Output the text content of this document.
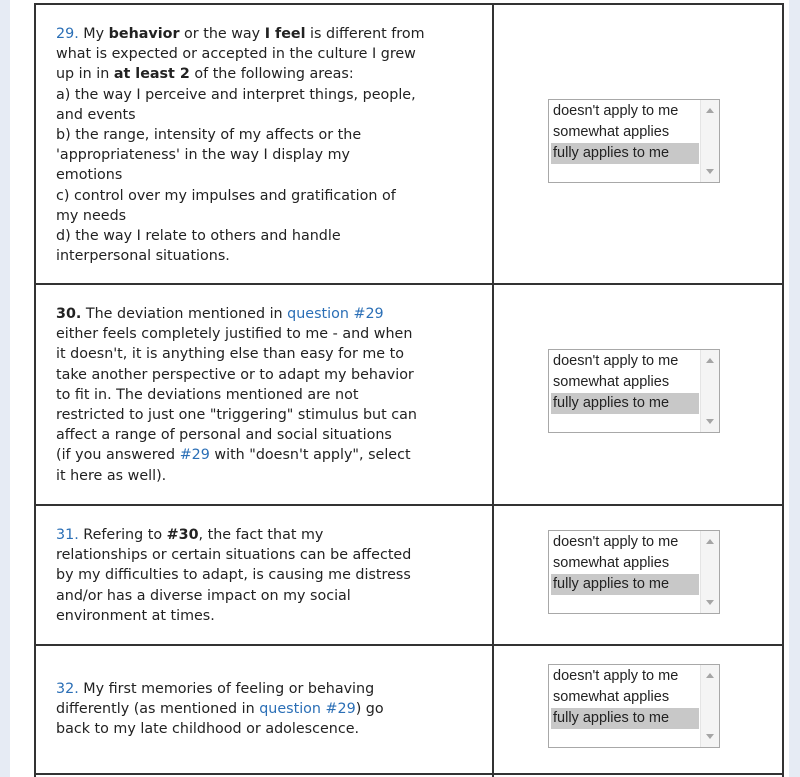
29. My behavior or the way I feel is different from
what is expected or accepted in the culture I grew
up in in at least 2 of the following areas:
a) the way I perceive and interpret things, people,
and events
b) the range, intensity of my affects or the
'appropriateness' in the way I display my
emotions
c) control over my impulses and gratification of
my needs
d) the way I relate to others and handle
interpersonal situations.
doesn't apply to me
somewhat applies
fully applies to me
30. The deviation mentioned in question #29
either feels completely justified to me - and when
it doesn't, it is anything else than easy for me to
take another perspective or to adapt my behavior
to fit in. The deviations mentioned are not
restricted to just one "triggering" stimulus but can
affect a range of personal and social situations
(if you answered #29 with "doesn't apply", select
it here as well).
doesn't apply to me
somewhat applies
fully applies to me
31. Refering to #30, the fact that my
relationships or certain situations can be affected
by my difficulties to adapt, is causing me distress
and/or has a diverse impact on my social
environment at times.
doesn't apply to me
somewhat applies
fully applies to me
32. My first memories of feeling or behaving
differently (as mentioned in question #29) go
back to my late childhood or adolescence.
doesn't apply to me
somewhat applies
fully applies to me
